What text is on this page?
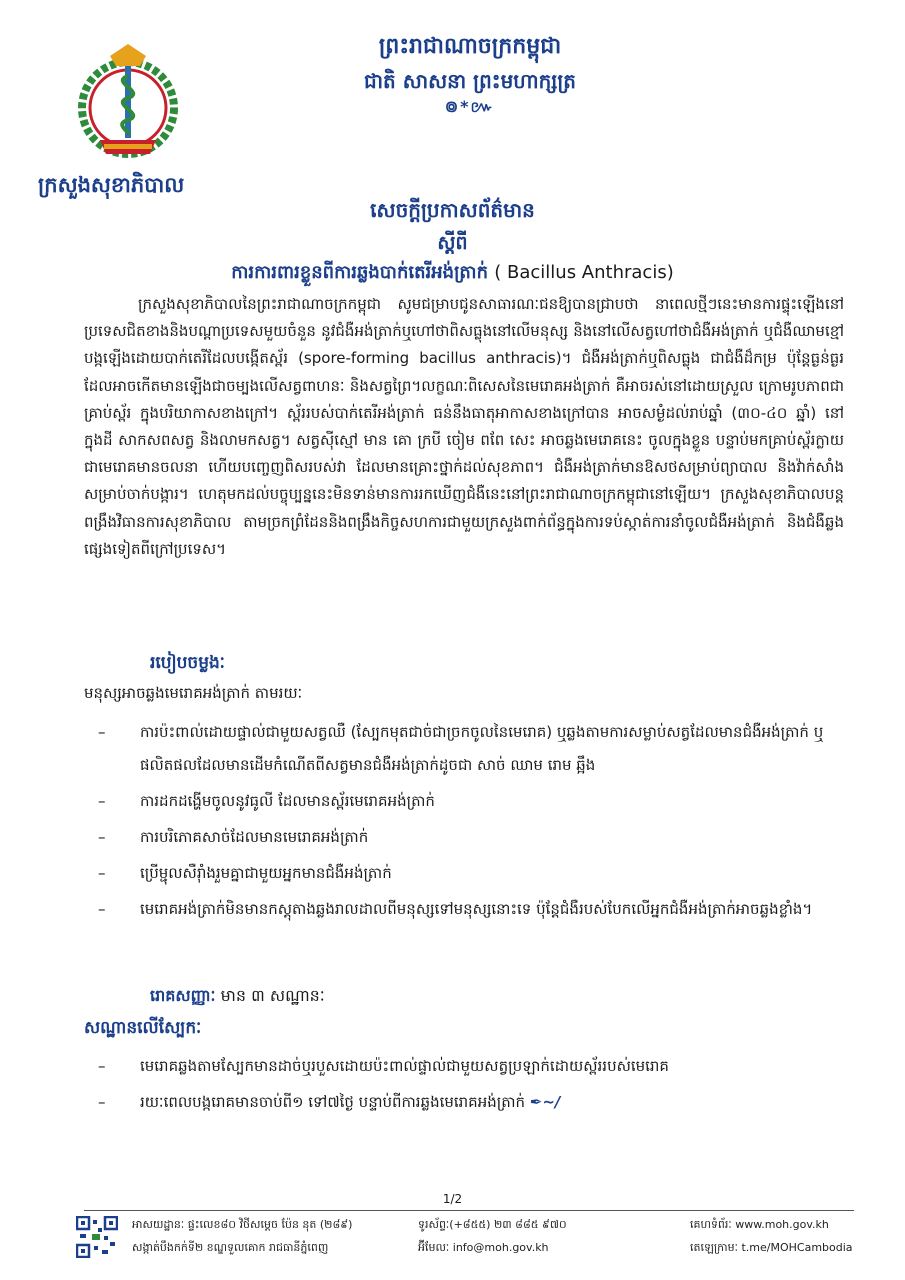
ព្រះរាជាណាចក្រកម្ពុជា
ជាតិ សាសនា ព្រះមហាក្សត្រ
៙*៚
ក្រសួងសុខាភិបាល
សេចក្តីប្រកាសព័ត៌មាន
ស្តីពី
ការការពារខ្លួនពីការឆ្លងបាក់តេរីអង់ត្រាក់ ( Bacillus Anthracis)
ក្រសួងសុខាភិបាលនៃព្រះរាជាណាចក្រកម្ពុជា សូមជម្រាបជូនសាធារណៈជនឱ្យបានជ្រាបថា នាពេលថ្មីៗនេះមានការផ្ទុះឡើងនៅប្រទេសជិតខាងនិងបណ្តាប្រទេសមួយចំនួន នូវជំងឺអង់ត្រាក់ឬហៅថាពិសធ្លុងនៅលើមនុស្ស និងនៅលើសត្វហៅថាជំងឺអង់ត្រាក់ ឬជំងឺឈាមខ្មៅ បង្កឡើងដោយបាក់តេរីដែលបង្កើតស្ព័រ (spore-forming bacillus anthracis)។ ជំងឺអង់ត្រាក់ឬពិសធ្លុង ជាជំងឺដ៏កម្រ ប៉ុន្តែធ្ងន់ធ្ងរ ដែលអាចកើតមានឡើងជាចម្បងលើសត្វពាហនៈ និងសត្វព្រៃ។លក្ខណៈពិសេសនៃមេរោគអង់ត្រាក់ គឺអាចរស់នៅដោយស្រួល ក្រោមរូបភាពជាគ្រាប់ស្ព័រ ក្នុងបរិយាកាសខាងក្រៅ។ ស្ព័ររបស់បាក់តេរីអង់ត្រាក់ ធន់នឹងធាតុអាកាសខាងក្រៅបាន អាចសម្ងំដល់រាប់ឆ្នាំ (៣០-៤០ ឆ្នាំ) នៅក្នុងដី សាកសពសត្វ និងលាមកសត្វ។ សត្វស៊ីស្មៅ មាន គោ ក្របី ចៀម ពពែ សេះ អាចឆ្លងមេរោគនេះ ចូលក្នុងខ្លួន បន្ទាប់មកគ្រាប់ស្ព័រក្លាយជាមេរោគមានចលនា ហើយបញ្ចេញពិសរបស់វា ដែលមានគ្រោះថ្នាក់ដល់សុខភាព។ ជំងឺអង់ត្រាក់មានឱសថសម្រាប់ព្យាបាល និងវ៉ាក់សាំងសម្រាប់ចាក់បង្ការ។ ហេតុមកដល់បច្ចុប្បន្ននេះមិនទាន់មានការរកឃើញជំងឺនេះនៅព្រះរាជាណាចក្រកម្ពុជានៅឡើយ។ ក្រសួងសុខាភិបាលបន្តពង្រឹងវិធានការសុខាភិបាល តាមច្រកព្រំដែននិងពង្រឹងកិច្ចសហការជាមួយក្រសួងពាក់ព័ន្ធក្នុងការទប់ស្កាត់ការនាំចូលជំងឺអង់ត្រាក់ និងជំងឺឆ្លងផ្សេងទៀតពីក្រៅប្រទេស។
របៀបចម្លងៈ
មនុស្សអាចឆ្លងមេរោគអង់ត្រាក់ តាមរយៈ
– ការប៉ះពាល់ដោយផ្ទាល់ជាមួយសត្វឈឺ (ស្បែកមុតជាច់ជាច្រកចូលនៃមេរោគ) ឬឆ្លងតាមការសម្លាប់សត្វដែលមានជំងឺអង់ត្រាក់ ឬផលិតផលដែលមានដើមកំណើតពីសត្វមានជំងឺអង់ត្រាក់ដូចជា សាច់ ឈាម រោម ឆ្អឹង
– ការដកដង្ហើមចូលនូវធូលី ដែលមានស្ព័រមេរោគអង់ត្រាក់
– ការបរិភោគសាច់ដែលមានមេរោគអង់ត្រាក់
– ប្រើម្ជុលសឺរ៉ាំងរួមគ្នាជាមួយអ្នកមានជំងឺអង់ត្រាក់
– មេរោគអង់ត្រាក់មិនមានកស្តុតាងឆ្លងរាលដាលពីមនុស្សទៅមនុស្សនោះទេ ប៉ុន្តែជំងឺរបស់បែកលើអ្នកជំងឺអង់ត្រាក់អាចឆ្លងខ្លាំង។
រោគសញ្ញាៈ មាន ៣ សណ្ឋានៈ
សណ្ឋានលើស្បែកៈ
– មេរោគឆ្លងតាមស្បែកមានដាច់ឬរបួសដោយប៉ះពាល់ផ្ទាល់ជាមួយសត្វប្រឡាក់ដោយស្ព័ររបស់មេរោគ
– រយៈពេលបង្ករោគមានចាប់ពី១ ទៅ៧ថ្ងៃ បន្ទាប់ពីការឆ្លងមេរោគអង់ត្រាក់ ✒︎~/
1/2
អាសយដ្ឋានៈ ផ្ទះលេខ៨០ វិថីសម្តេច ប៉ែន នុត (២៨៩)
សង្កាត់បឹងកក់ទី២ ខណ្ឌទួលគោក រាជធានីភ្នំពេញ
ទូរស័ព្ទៈ(+៨៥៥) ២៣ ៨៨៥ ៩៧០
អ៊ីមែលៈ info@moh.gov.kh
គេហទំព័រៈ www.moh.gov.kh
តេឡេក្រាមៈ t.me/MOHCambodia
